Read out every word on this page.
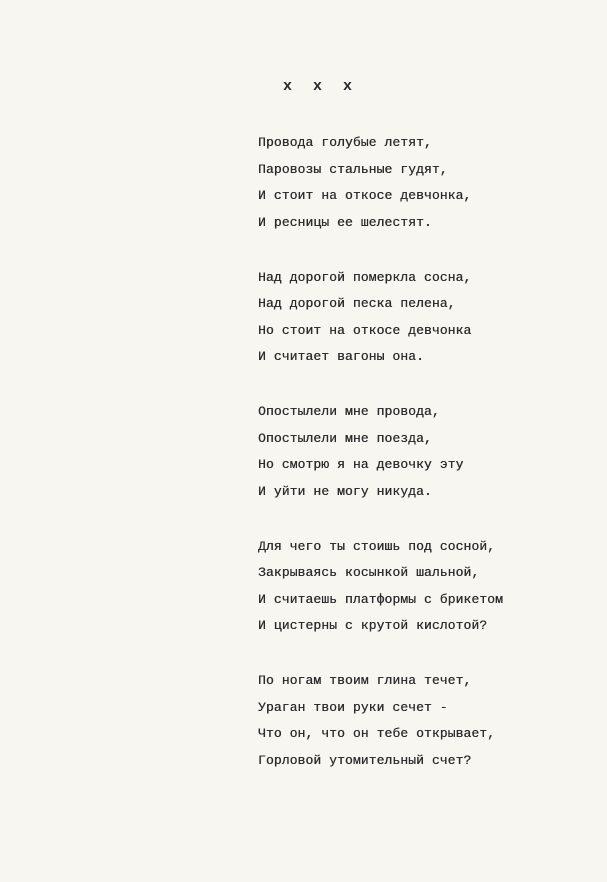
x x x
Провода голубые летят,
Паровозы стальные гудят,
И стоит на откосе девчонка,
И ресницы ее шелестят.
Над дорогой померкла сосна,
Над дорогой песка пелена,
Но стоит на откосе девчонка
И считает вагоны она.
Опостылели мне провода,
Опостылели мне поезда,
Но смотрю я на девочку эту
И уйти не могу никуда.
Для чего ты стоишь под сосной,
Закрываясь косынкой шальной,
И считаешь платформы с брикетом
И цистерны с крутой кислотой?
По ногам твоим глина течет,
Ураган твои руки сечет -
Что он, что он тебе открывает,
Горловой утомительный счет?
